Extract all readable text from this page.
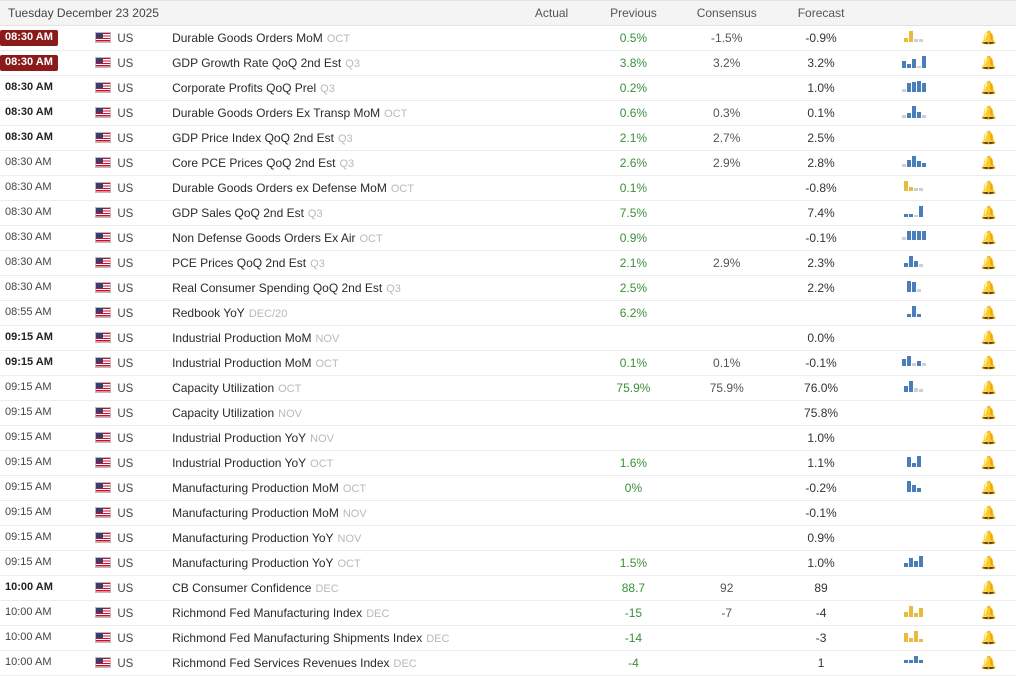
Tuesday December 23 2025			Actual	Previous	Consensus	Forecast		
08:30 AM	US	Durable Goods Orders MoM OCT		0.5%	-1.5%	-0.9%		🔔
08:30 AM	US	GDP Growth Rate QoQ 2nd Est Q3		3.8%	3.2%	3.2%		🔔
08:30 AM	US	Corporate Profits QoQ Prel Q3		0.2%		1.0%		🔔
08:30 AM	US	Durable Goods Orders Ex Transp MoM OCT		0.6%	0.3%	0.1%		🔔
08:30 AM	US	GDP Price Index QoQ 2nd Est Q3		2.1%	2.7%	2.5%		🔔
08:30 AM	US	Core PCE Prices QoQ 2nd Est Q3		2.6%	2.9%	2.8%		🔔
08:30 AM	US	Durable Goods Orders ex Defense MoM OCT		0.1%		-0.8%		🔔
08:30 AM	US	GDP Sales QoQ 2nd Est Q3		7.5%		7.4%		🔔
08:30 AM	US	Non Defense Goods Orders Ex Air OCT		0.9%		-0.1%		🔔
08:30 AM	US	PCE Prices QoQ 2nd Est Q3		2.1%	2.9%	2.3%		🔔
08:30 AM	US	Real Consumer Spending QoQ 2nd Est Q3		2.5%		2.2%		🔔
08:55 AM	US	Redbook YoY DEC/20		6.2%				🔔
09:15 AM	US	Industrial Production MoM NOV				0.0%		🔔
09:15 AM	US	Industrial Production MoM OCT		0.1%	0.1%	-0.1%		🔔
09:15 AM	US	Capacity Utilization OCT		75.9%	75.9%	76.0%		🔔
09:15 AM	US	Capacity Utilization NOV				75.8%		🔔
09:15 AM	US	Industrial Production YoY NOV				1.0%		🔔
09:15 AM	US	Industrial Production YoY OCT		1.6%		1.1%		🔔
09:15 AM	US	Manufacturing Production MoM OCT		0%		-0.2%		🔔
09:15 AM	US	Manufacturing Production MoM NOV				-0.1%		🔔
09:15 AM	US	Manufacturing Production YoY NOV				0.9%		🔔
09:15 AM	US	Manufacturing Production YoY OCT		1.5%		1.0%		🔔
10:00 AM	US	CB Consumer Confidence DEC		88.7	92	89		🔔
10:00 AM	US	Richmond Fed Manufacturing Index DEC		-15	-7	-4		🔔
10:00 AM	US	Richmond Fed Manufacturing Shipments Index DEC		-14		-3		🔔
10:00 AM	US	Richmond Fed Services Revenues Index DEC		-4		1		🔔
